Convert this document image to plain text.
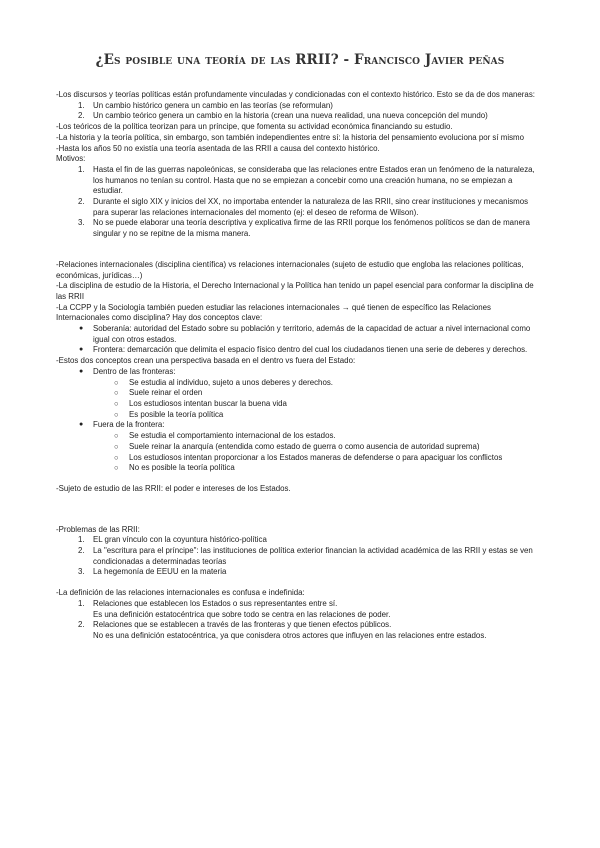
¿Es posible una teoría de las RRII? - Francisco Javier peñas

-Los discursos y teorías políticas están profundamente vinculadas y condicionadas con el contexto histórico. Esto se da de dos maneras:

1. Un cambio histórico genera un cambio en las teorías (se reformulan)
2. Un cambio teórico genera un cambio en la historia (crean una nueva realidad, una nueva concepción del mundo)

-Los teóricos de la política teorizan para un príncipe, que fomenta su actividad económica financiando su estudio.

-La historia y la teoría política, sin embargo, son también independientes entre sí: la historia del pensamiento evoluciona por sí mismo

-Hasta los años 50 no existía una teoría asentada de las RRII a causa del contexto histórico.

Motivos:

1. Hasta el fin de las guerras napoleónicas, se consideraba que las relaciones entre Estados eran un fenómeno de la naturaleza, los humanos no tenían su control. Hasta que no se empiezan a concebir como una creación humana, no se empiezan a estudiar.
2. Durante el siglo XIX y inicios del XX, no importaba entender la naturaleza de las RRII, sino crear instituciones y mecanismos para superar las relaciones internacionales del momento (ej: el deseo de reforma de Wilson).
3. No se puede elaborar una teoría descriptiva y explicativa firme de las RRII porque los fenómenos políticos se dan de manera singular y no se repitne de la misma manera.

-Relaciones internacionales (disciplina científica) vs relaciones internacionales (sujeto de estudio que engloba las relaciones políticas, económicas, jurídicas…)

-La disciplina de estudio de la Historia, el Derecho Internacional y la Política han tenido un papel esencial para conformar la disciplina de las RRII

-La CCPP y la Sociología también pueden estudiar las relaciones internacionales → qué tienen de específico las Relaciones Internacionales como disciplina? Hay dos conceptos clave:

● Soberanía: autoridad del Estado sobre su población y territorio, además de la capacidad de actuar a nivel internacional como igual con otros estados.
● Frontera: demarcación que delimita el espacio físico dentro del cual los ciudadanos tienen una serie de deberes y derechos.

-Estos dos conceptos crean una perspectiva basada en el dentro vs fuera del Estado:

● Dentro de las fronteras:
○ Se estudia al individuo, sujeto a unos deberes y derechos.
○ Suele reinar el orden
○ Los estudiosos intentan buscar la buena vida
○ Es posible la teoría política
● Fuera de la frontera:
○ Se estudia el comportamiento internacional de los estados.
○ Suele reinar la anarquía (entendida como estado de guerra o como ausencia de autoridad suprema)
○ Los estudiosos intentan proporcionar a los Estados maneras de defenderse o para apaciguar los conflictos
○ No es posible la teoría política

-Sujeto de estudio de las RRII: el poder e intereses de los Estados.

-Problemas de las RRII:

1. EL gran vínculo con la coyuntura histórico-política
2. La "escritura para el príncipe": las instituciones de política exterior financian la actividad académica de las RRII y estas se ven condicionadas a determinadas teorías
3. La hegemonía de EEUU en la materia

-La definición de las relaciones internacionales es confusa e indefinida:

1. Relaciones que establecen los Estados o sus representantes entre sí.
Es una definición estatocéntrica que sobre todo se centra en las relaciones de poder.
2. Relaciones que se establecen a través de las fronteras y que tienen efectos públicos.
No es una definición estatocéntrica, ya que conisdera otros actores que influyen en las relaciones entre estados.
